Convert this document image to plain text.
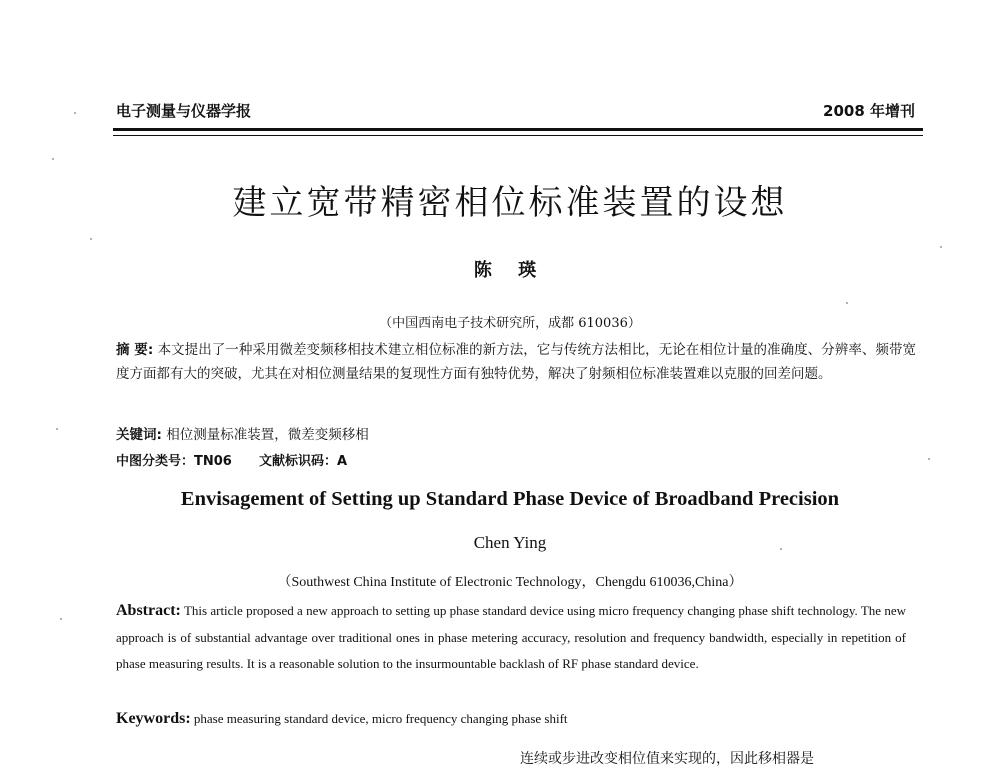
电子测量与仪器学报	2008 年增刊
建立宽带精密相位标准装置的设想
陈 瑛
（中国西南电子技术研究所，成都 610036）
摘 要: 本文提出了一种采用微差变频移相技术建立相位标准的新方法，它与传统方法相比，无论在相位计量的准确度、分辨率、频带宽度方面都有大的突破，尤其在对相位测量结果的复现性方面有独特优势，解决了射频相位标准装置难以克服的回差问题。
关键词: 相位测量标准装置，微差变频移相
中图分类号：TN06 文献标识码：A
Envisagement of Setting up Standard Phase Device of Broadband Precision
Chen Ying
（Southwest China Institute of Electronic Technology，Chengdu 610036,China）
Abstract: This article proposed a new approach to setting up phase standard device using micro frequency changing phase shift technology. The new approach is of substantial advantage over traditional ones in phase metering accuracy, resolution and frequency bandwidth, especially in repetition of phase measuring results. It is a reasonable solution to the insurmountable backlash of RF phase standard device.
Keywords: phase measuring standard device, micro frequency changing phase shift
连续或步进改变相位值来实现的，因此移相器是
